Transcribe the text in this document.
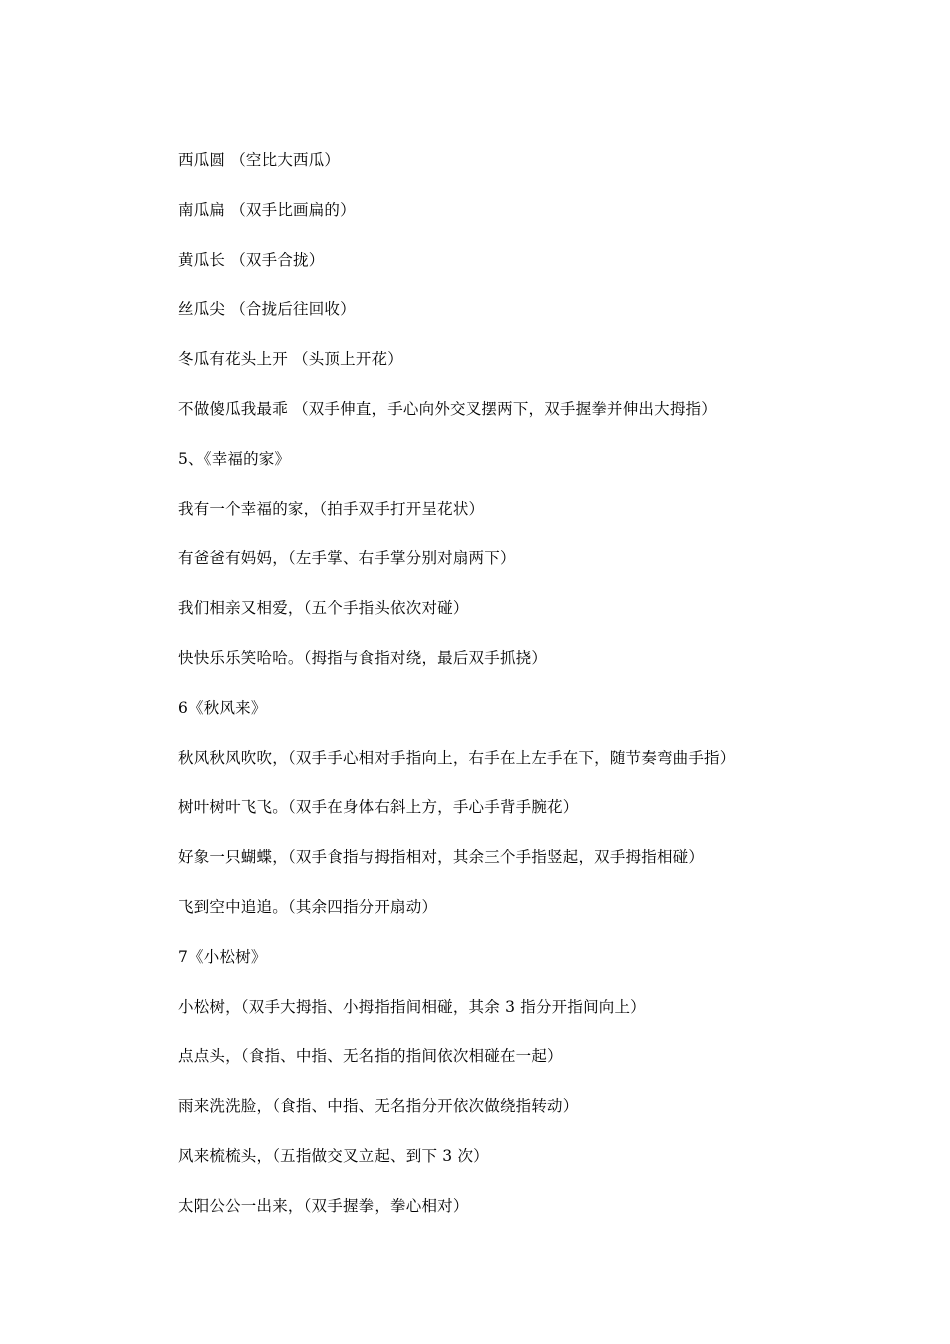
西瓜圆 （空比大西瓜）
南瓜扁 （双手比画扁的）
黄瓜长 （双手合拢）
丝瓜尖 （合拢后往回收）
冬瓜有花头上开 （头顶上开花）
不做傻瓜我最乖 （双手伸直，手心向外交叉摆两下，双手握拳并伸出大拇指）
5、《幸福的家》
我有一个幸福的家，（拍手双手打开呈花状）
有爸爸有妈妈，（左手掌、右手掌分别对扇两下）
我们相亲又相爱，（五个手指头依次对碰）
快快乐乐笑哈哈。（拇指与食指对绕，最后双手抓挠）
6《秋风来》
秋风秋风吹吹，（双手手心相对手指向上，右手在上左手在下，随节奏弯曲手指）
树叶树叶飞飞。（双手在身体右斜上方，手心手背手腕花）
好象一只蝴蝶，（双手食指与拇指相对，其余三个手指竖起，双手拇指相碰）
飞到空中追追。（其余四指分开扇动）
7《小松树》
小松树，（双手大拇指、小拇指指间相碰，其余 3 指分开指间向上）
点点头，（食指、中指、无名指的指间依次相碰在一起）
雨来洗洗脸，（食指、中指、无名指分开依次做绕指转动）
风来梳梳头，（五指做交叉立起、到下 3 次）
太阳公公一出来，（双手握拳，拳心相对）
